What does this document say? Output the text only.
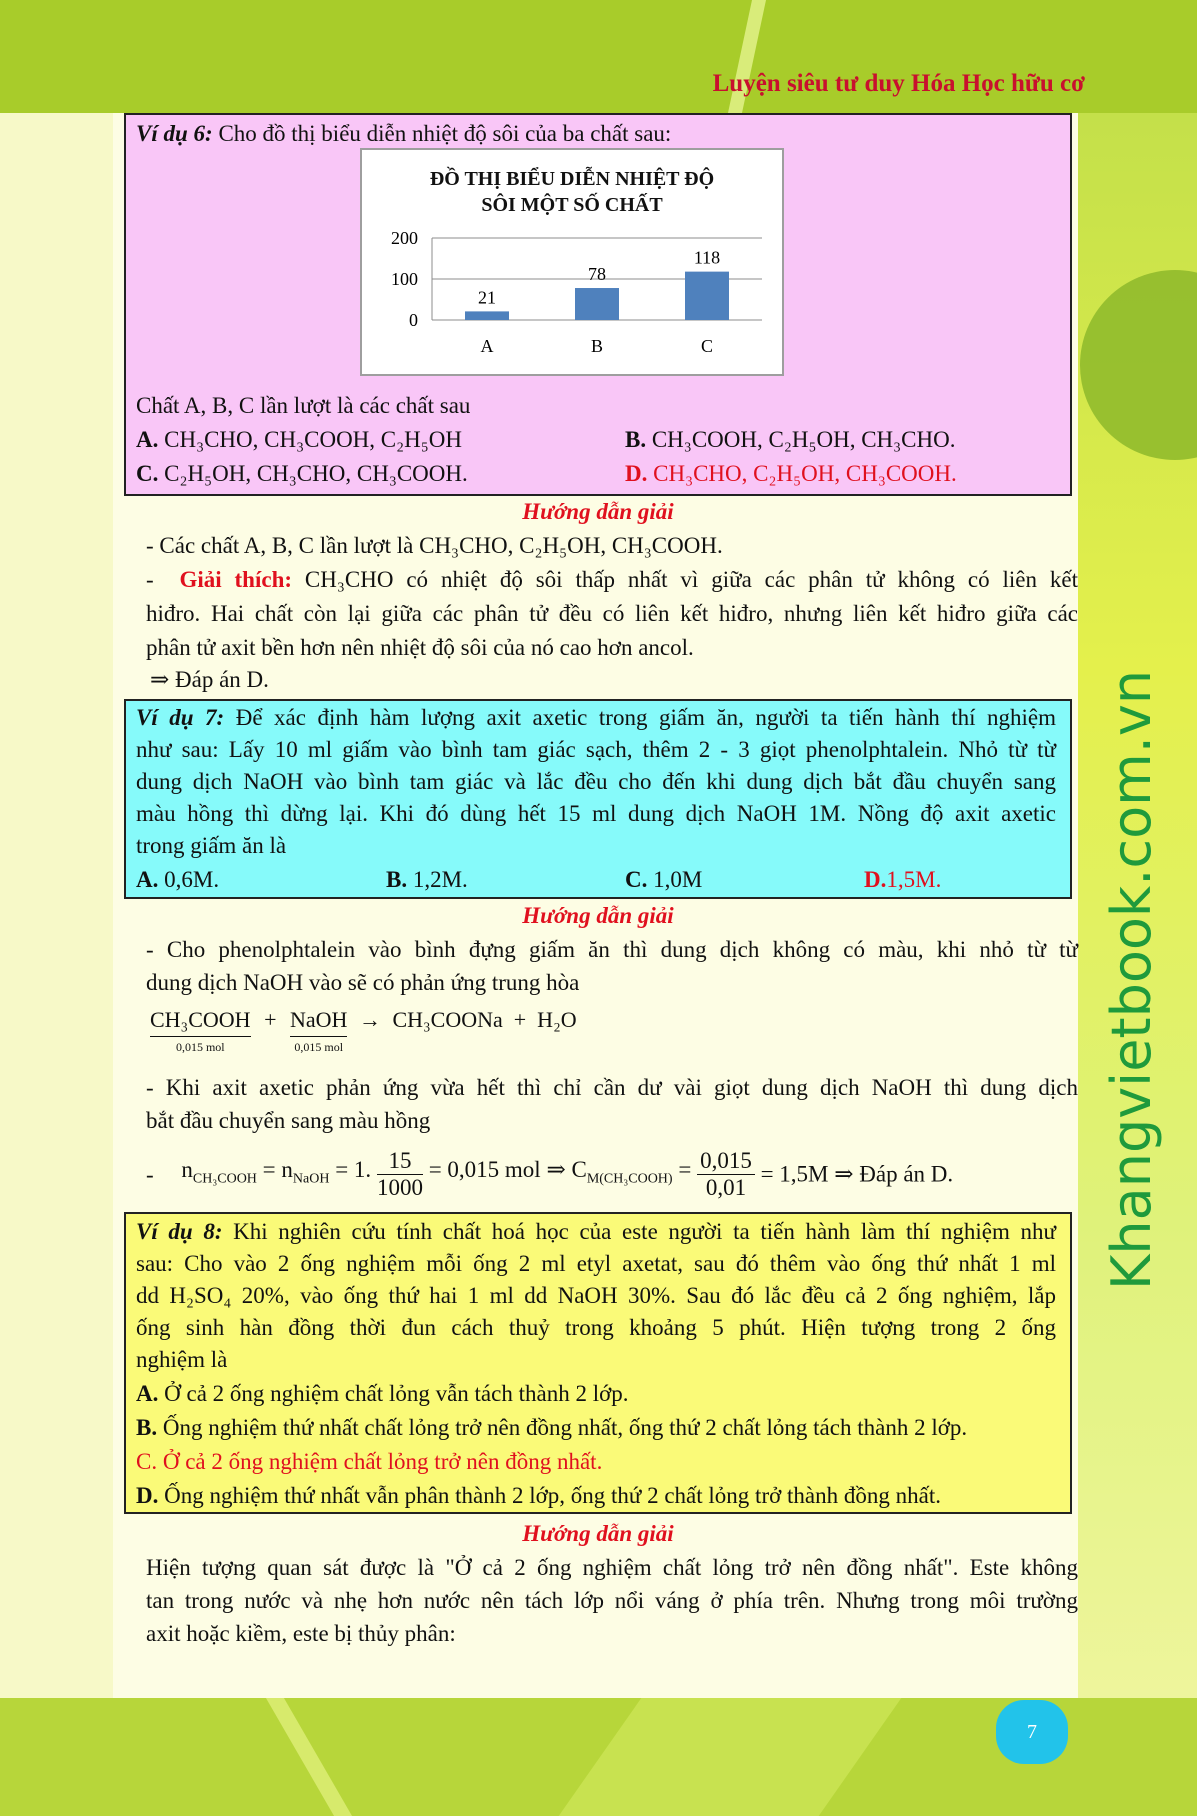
Luyện siêu tư duy Hóa Học hữu cơ
Khangvietbook.com.vn
7
Ví dụ 6: Cho đồ thị biểu diễn nhiệt độ sôi của ba chất sau:
ĐỒ THỊ BIỂU DIỄN NHIỆT ĐỘ
SÔI MỘT SỐ CHẤT
0
100
200
21
A
78
B
118
C
Chất A, B, C lần lượt là các chất sau
A. CH₃CHO, CH₃COOH, C₂H₅OH	B. CH₃COOH, C₂H₅OH, CH₃CHO.
C. C₂H₅OH, CH₃CHO, CH₃COOH.	D. CH₃CHO, C₂H₅OH, CH₃COOH.
Hướng dẫn giải
- Các chất A, B, C lần lượt là CH₃CHO, C₂H₅OH, CH₃COOH.
-  Giải thích: CH₃CHO có nhiệt độ sôi thấp nhất vì giữa các phân tử không có liên kết
hiđro. Hai chất còn lại giữa các phân tử đều có liên kết hiđro, nhưng liên kết hiđro giữa các
phân tử axit bền hơn nên nhiệt độ sôi của nó cao hơn ancol.
⇒ Đáp án D.
Ví dụ 7: Để xác định hàm lượng axit axetic trong giấm ăn, người ta tiến hành thí nghiệm
như sau: Lấy 10 ml giấm vào bình tam giác sạch, thêm 2 - 3 giọt phenolphtalein. Nhỏ từ từ
dung dịch NaOH vào bình tam giác và lắc đều cho đến khi dung dịch bắt đầu chuyển sang
màu hồng thì dừng lại. Khi đó dùng hết 15 ml dung dịch NaOH 1M. Nồng độ axit axetic
trong giấm ăn là
A. 0,6M.	B. 1,2M.	C. 1,0M	D.1,5M.
Hướng dẫn giải
- Cho phenolphtalein vào bình đựng giấm ăn thì dung dịch không có màu, khi nhỏ từ từ
dung dịch NaOH vào sẽ có phản ứng trung hòa
CH₃COOH
0,015 mol
+ NaOH
0,015 mol
→ CH₃COONa  +  H₂O
- Khi axit axetic phản ứng vừa hết thì chỉ cần dư vài giọt dung dịch NaOH thì dung dịch
bắt đầu chuyển sang màu hồng
- $n_{CH_3COOH} = n_{NaOH} = 1$. $\frac{15}{1000} = 0,015$ mol ⇒ $C_{M(CH_3COOH)} = \frac{0,015}{0,01} = 1,5M$ ⇒ Đáp án D.
Ví dụ 8: Khi nghiên cứu tính chất hoá học của este người ta tiến hành làm thí nghiệm như
sau: Cho vào 2 ống nghiệm mỗi ống 2 ml etyl axetat, sau đó thêm vào ống thứ nhất 1 ml
dd H₂SO₄ 20%, vào ống thứ hai 1 ml dd NaOH 30%. Sau đó lắc đều cả 2 ống nghiệm, lắp
ống sinh hàn đồng thời đun cách thuỷ trong khoảng 5 phút. Hiện tượng trong 2 ống
nghiệm là
A. Ở cả 2 ống nghiệm chất lỏng vẫn tách thành 2 lớp.
B. Ống nghiệm thứ nhất chất lỏng trở nên đồng nhất, ống thứ 2 chất lỏng tách thành 2 lớp.
C. Ở cả 2 ống nghiệm chất lỏng trở nên đồng nhất.
D. Ống nghiệm thứ nhất vẫn phân thành 2 lớp, ống thứ 2 chất lỏng trở thành đồng nhất.
Hướng dẫn giải
Hiện tượng quan sát được là "Ở cả 2 ống nghiệm chất lỏng trở nên đồng nhất". Este không
tan trong nước và nhẹ hơn nước nên tách lớp nổi váng ở phía trên. Nhưng trong môi trường
axit hoặc kiềm, este bị thủy phân:
